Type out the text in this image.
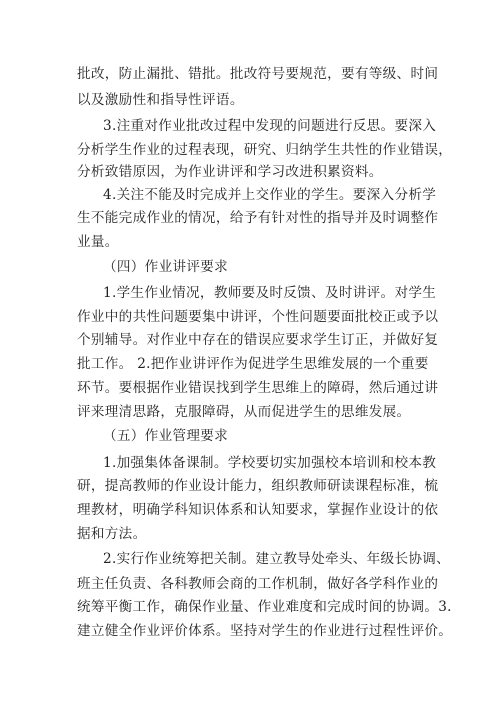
批改，防止漏批、错批。批改符号要规范，要有等级、时间
以及激励性和指导性评语。
3.注重对作业批改过程中发现的问题进行反思。要深入
分析学生作业的过程表现，研究、归纳学生共性的作业错误，
分析致错原因，为作业讲评和学习改进积累资料。
4.关注不能及时完成并上交作业的学生。要深入分析学
生不能完成作业的情况，给予有针对性的指导并及时调整作
业量。
（四）作业讲评要求
1.学生作业情况，教师要及时反馈、及时讲评。对学生
作业中的共性问题要集中讲评，个性问题要面批校正或予以
个别辅导。对作业中存在的错误应要求学生订正，并做好复
批工作。 2.把作业讲评作为促进学生思维发展的一个重要
环节。要根据作业错误找到学生思维上的障碍，然后通过讲
评来理清思路，克服障碍，从而促进学生的思维发展。
（五）作业管理要求
1.加强集体备课制。学校要切实加强校本培训和校本教
研，提高教师的作业设计能力，组织教师研读课程标准，梳
理教材，明确学科知识体系和认知要求，掌握作业设计的依
据和方法。
2.实行作业统筹把关制。建立教导处牵头、年级长协调、
班主任负责、各科教师会商的工作机制，做好各学科作业的
统筹平衡工作，确保作业量、作业难度和完成时间的协调。3.
建立健全作业评价体系。坚持对学生的作业进行过程性评价。
